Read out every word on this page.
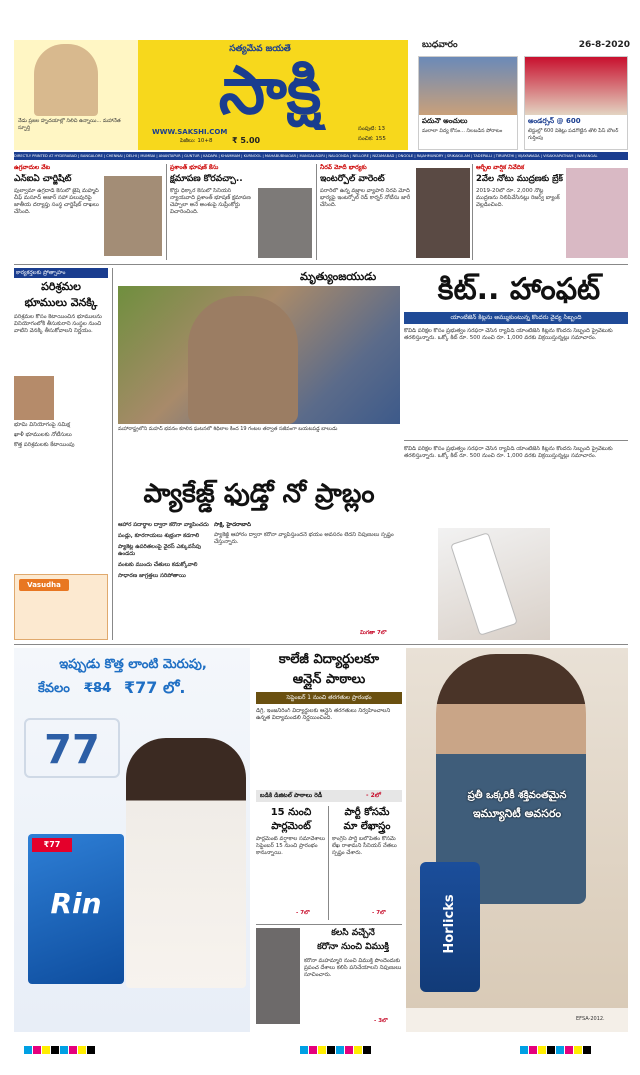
నేడు ప్రజల హృదయాల్లో నిలిచి ఉన్నాయి... మహానేత స్ఫూర్తి
సత్యమేవ జయతే
సాక్షి
WWW.SAKSHI.COM
పేజీలు: 10+8	₹ 5.00
సంపుటి: 13
సంచిక: 155
బుధవారం	26-8-2020
పదునౌ అంచులు
మలాలా విద్య కోసం... నిలబడిన పోరాటం
అండర్సన్ @ 600
టెస్టుల్లో 600 వికెట్లు పడగొట్టిన తొలి పేస్ బౌలర్ గుర్తింపు
DIRECTLY PRINTED AT HYDERABAD | BANGALORE | CHENNAI | DELHI | MUMBAI | ANANTAPUR | GUNTUR | KADAPA | KHAMMAM | KURNOOL | MAHABUBNAGAR | MANGALAGIRI | NALGONDA | NELLORE | NIZAMABAD | ONGOLE | RAJAHMUNDRY | SRIKAKULAM | TADEPALLI | TIRUPATHI | VIJAYAWADA | VISAKHAPATNAM | WARANGAL
ఉగ్రవాదుల వేట
ఎన్ఐఏ చార్జిషీట్
పుల్వామా ఉగ్రదాడి కేసులో జైషే మహ్మద్ చీఫ్ మసూద్ అజార్ సహా పలువురిపై జాతీయ దర్యాప్తు సంస్థ చార్జిషీట్ దాఖలు చేసింది.
ప్రశాంత్ భూషణ్ కేసు
క్షమాపణ కోరవచ్చా..
కోర్టు ధిక్కార కేసులో సీనియర్ న్యాయవాది ప్రశాంత్ భూషణ్ క్షమాపణ చెప్పాలా అనే అంశంపై సుప్రీంకోర్టు విచారించింది.
నీరవ్ మోదీ భార్యకు
ఇంటర్పోల్ వారెంట్
పరారీలో ఉన్న వజ్రాల వ్యాపారి నీరవ్ మోదీ భార్యపై ఇంటర్పోల్ రెడ్ కార్నర్ నోటీసు జారీ చేసింది.
ఆర్బీఐ వార్షిక నివేదిక
2వేల నోటు ముద్రణకు బ్రేక్
2019-20లో రూ. 2,000 నోట్ల ముద్రణను నిలిపివేసినట్లు రిజర్వ్ బ్యాంక్ వెల్లడించింది.
కార్యకర్తలకు ప్రోత్సాహం
పరిశ్రమల
భూములు వెనక్కి
పరిశ్రమల కోసం కేటాయించిన భూములను వినియోగంలోకి తీసుకురాని సంస్థల నుంచి వాటిని వెనక్కి తీసుకోవాలని నిర్ణయం.
భూమి వినియోగంపై సమీక్ష
ఖాళీ భూములకు నోటీసులు
కొత్త పరిశ్రమలకు కేటాయింపు
Vasudha
మృత్యుంజయుడు
మహారాష్ట్రలోని మహద్ భవనం కూలిన ఘటనలో శిథిలాల కింద 19 గంటల తర్వాత సజీవంగా బయటపడ్డ బాలుడు
కిట్.. హాంఫట్
యాంటిజెన్ కిట్లను అమ్ముకుంటున్న కొందరు వైద్య సిబ్బంది
కొవిడ్ పరీక్షల కోసం ప్రభుత్వం సరఫరా చేసిన ర్యాపిడ్ యాంటిజెన్ కిట్లను కొందరు సిబ్బంది ప్రైవేటుకు తరలిస్తున్నారు. ఒక్కో కిట్ రూ. 500 నుంచి రూ. 1,000 వరకు విక్రయిస్తున్నట్లు సమాచారం.
ప్యాకేజ్డ్ ఫుడ్తో నో ప్రాబ్లం
ఆహార పదార్థాల ద్వారా కరోనా వ్యాపించదు
పండ్లు, కూరగాయలు శుభ్రంగా కడగాలి
ప్యాకెట్ల ఉపరితలంపై వైరస్ ఎక్కువసేపు ఉండదు
వంటకు ముందు చేతులు కడుక్కోవాలి
సాధారణ జాగ్రత్తలు సరిపోతాయి
సాక్షి, హైదరాబాద్
ప్యాకేజ్డ్ ఆహారం ద్వారా కరోనా వ్యాపిస్తుందనే భయం అవసరం లేదని నిపుణులు స్పష్టం చేస్తున్నారు.
మిగతా 7లో
కొవిడ్ పరీక్షల కోసం ప్రభుత్వం సరఫరా చేసిన ర్యాపిడ్ యాంటిజెన్ కిట్లను కొందరు సిబ్బంది ప్రైవేటుకు తరలిస్తున్నారు. ఒక్కో కిట్ రూ. 500 నుంచి రూ. 1,000 వరకు విక్రయిస్తున్నట్లు సమాచారం.
ఇప్పుడు కొత్త లాంటి మెరుపు,
కేవలం	₹84 ₹77 లో.
77
₹77
Rin
కాలేజీ విద్యార్థులకూ
ఆన్లైన్ పాఠాలు
సెప్టెంబర్ 1 నుంచి తరగతుల ప్రారంభం
డిగ్రీ, ఇంజనీరింగ్ విద్యార్థులకు ఆన్లైన్ తరగతులు నిర్వహించాలని ఉన్నత విద్యామండలి నిర్ణయించింది.
బడికి డిజిటల్ పాఠాలు రెడీ	- 2లో
15 నుంచి
పార్లమెంట్
పార్లమెంట్ వర్షాకాల సమావేశాలు సెప్టెంబర్ 15 నుంచి ప్రారంభం కానున్నాయి.
- 7లో
పార్టీ కోసమే
మా లేఖాస్త్రం
కాంగ్రెస్ పార్టీ బలోపేతం కోసమే లేఖ రాశామని సీనియర్ నేతలు స్పష్టం చేశారు.
- 7లో
కలసి వచ్చేనే
కరోనా నుంచి విముక్తి
కరోనా మహమ్మారి నుంచి విముక్తి పొందేందుకు ప్రపంచ దేశాలు కలిసి పనిచేయాలని నిపుణులు సూచించారు.
- 3లో
ప్రతీ ఒక్కరికీ శక్తివంతమైన
ఇమ్యూనిటీ అవసరం
Horlicks
EFSA-2012.
